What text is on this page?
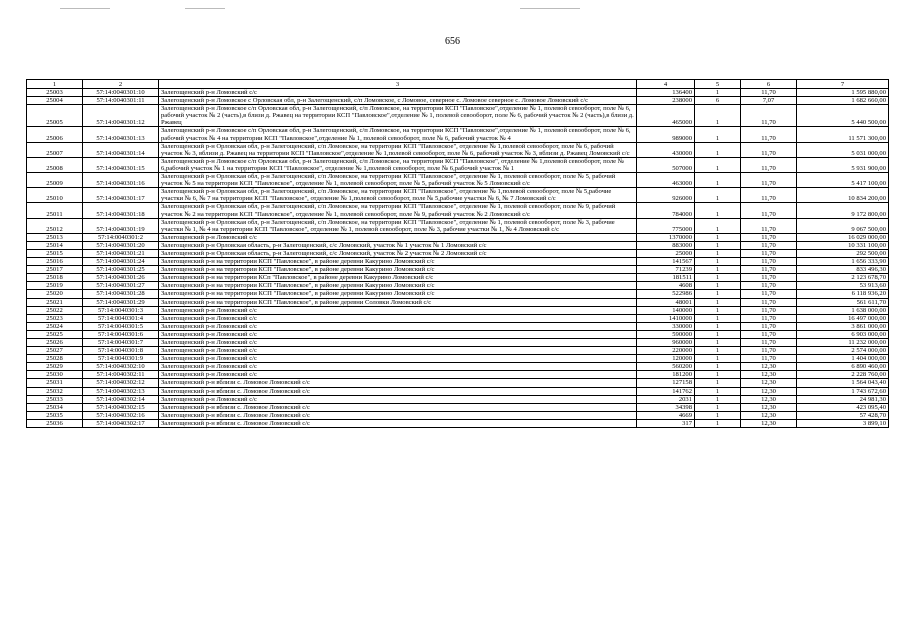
656
1	2	3	4	5	6	7
25003	57:14:0040301:10	Залегощенский р-н Ломовский с/с	136400	1	11,70	1 595 880,00
25004	57:14:0040301:11	Залегощенский р-н Ломовское с Орловская обл, р-н Залегощенский, с/п Ломовское, с Ломовое, северное с. Ломовое северное с. Ломовое Ломовский с/с	238000	6	7,07	1 682 660,00
25005	57:14:0040301:12	Залегощенский р-н Ломовское с/п Орловская обл, р-н Залегощенский, с/п Ломовское, на территории КСП "Павловское",отделение № 1, полевой севооборот, поле № 6, рабочий участок № 2 (часть),в близи д. Ржавец на территории КСП "Павловское",отделение № 1, полевой севооборот, поле № 6, рабочий участок № 2 (часть),в близи д. Ржавец	465000	1	11,70	5 440 500,00
25006	57:14:0040301:13	Залегощенский р-н Ломовское с/п Орловская обл, р-н Залегощенский, с/п Ломовское, на территории КСП "Павловское",отделение № 1, полевой севооборот, поле № 6, рабочий участок № 4 на территории КСП "Павловское",отделение № 1, полевой севооборот, поле № 6, рабочий участок № 4	989000	1	11,70	11 571 300,00
25007	57:14:0040301:14	Залегощенский р-н Орловская обл, р-н Залегощенский, с/п Ломовское, на территории КСП "Павловское", отделение № 1,полевой севооборот, поле № 6, рабочий участок № 3, вблизи д. Ржавец на территории КСП "Павловское",отделение № 1,полевой севооборот, поле № 6, рабочий участок № 3, вблизи д. Ржавец Ломовский с/с	430000	1	11,70	5 031 000,00
25008	57:14:0040301:15	Залегощенский р-н Ломовское с/п Орловская обл, р-н Залегощенский, с/п Ломовское, на территории КСП "Павловское", отделение № 1,полевой севооборот, поле № 6,рабочий участок № 1 на территории КСП "Павловское", отделение № 1,полевой севооборот, поле № 6,рабочий участок № 1	507000	1	11,70	5 931 900,00
25009	57:14:0040301:16	Залегощенский р-н Орловская обл, р-н Залегощенский, с/п Ломовское, на территории КСП "Павловское", отделение № 1, полевой севооборот, поле № 5, рабочий участок № 5 на территории КСП "Павловское", отделение № 1, полевой севооборот, поле № 5, рабочий участок № 5 Ломовский с/с	463000	1	11,70	5 417 100,00
25010	57:14:0040301:17	Залегощенский р-н Орловская обл, р-н Залегощенский, с/п Ломовское, на территории КСП "Павловское", отделение № 1,полевой севооборот, поле № 5,рабочие участки № 6, № 7 на территории КСП "Павловское", отделение № 1,полевой севооборот, поле № 5,рабочие участки № 6, № 7 Ломовский с/с	926000	1	11,70	10 834 200,00
25011	57:14:0040301:18	Залегощенский р-н Орловская обл, р-н Залегощенский, с/п Ломовское, на территории КСП "Павловское", отделение № 1, полевой севооборот, поле № 9, рабочий участок № 2 на территории КСП "Павловское", отделение № 1, полевой севооборот, поле № 9, рабочий участок № 2 Ломовский с/с	784000	1	11,70	9 172 800,00
25012	57:14:0040301:19	Залегощенский р-н Орловская обл, р-н Залегощенский, с/п Ломовское, на территории КСП "Павловское", отделение № 1, полевой севооборот, поле № 3, рабочие участки № 1, № 4 на территории КСП "Павловское", отделение № 1, полевой севооборот, поле № 3, рабочие участки № 1, № 4 Ломовский с/с	775000	1	11,70	9 067 500,00
25013	57:14:0040301:2	Залегощенский р-н Ломовский с/с	1370000	1	11,70	16 029 000,00
25014	57:14:0040301:20	Залегощенский р-н Орловская область, р-н Залегощенский, с/с Ломовский, участок № 1 участок № 1 Ломовский с/с	883000	1	11,70	10 331 100,00
25015	57:14:0040301:21	Залегощенский р-н Орловская область, р-н Залегощенский, с/с Ломовский, участок № 2 участок № 2 Ломовский с/с	25000	1	11,70	292 500,00
25016	57:14:0040301:24	Залегощенский р-н на территории КСП "Павловское", в районе деревни Какурино Ломовский с/с	141567	1	11,70	1 656 333,90
25017	57:14:0040301:25	Залегощенский р-н на территории КСП "Павловское", в районе деревни Какурино Ломовский с/с	71239	1	11,70	833 496,30
25018	57:14:0040301:26	Залегощенский р-н на территории КСп "Павловское", в районе деревни Какурино Ломовский с/с	181511	1	11,70	2 123 678,70
25019	57:14:0040301:27	Залегощенский р-н на территории КСП "Павловское", в районе деревни Какурино Ломовский с/с	4608	1	11,70	53 913,60
25020	57:14:0040301:28	Залегощенский р-н на территории КСП "Павловское", в районе деревни Какурино Ломовский с/с	522986	1	11,70	6 118 936,20
25021	57:14:0040301:29	Залегощенский р-н на территории КСП "Павловское", в районе деревни Соловки Ломовский с/с	48001	1	11,70	561 611,70
25022	57:14:0040301:3	Залегощенский р-н Ломовский с/с	140000	1	11,70	1 638 000,00
25023	57:14:0040301:4	Залегощенский р-н Ломовский с/с	1410000	1	11,70	16 497 000,00
25024	57:14:0040301:5	Залегощенский р-н Ломовский с/с	330000	1	11,70	3 861 000,00
25025	57:14:0040301:6	Залегощенский р-н Ломовский с/с	590000	1	11,70	6 903 000,00
25026	57:14:0040301:7	Залегощенский р-н Ломовский с/с	960000	1	11,70	11 232 000,00
25027	57:14:0040301:8	Залегощенский р-н Ломовский с/с	220000	1	11,70	2 574 000,00
25028	57:14:0040301:9	Залегощенский р-н Ломовский с/с	120000	1	11,70	1 404 000,00
25029	57:14:0040302:10	Залегощенский р-н Ломовский с/с	560200	1	12,30	6 890 460,00
25030	57:14:0040302:11	Залегощенский р-н Ломовский с/с	181200	1	12,30	2 228 760,00
25031	57:14:0040302:12	Залегощенский р-н вблизи с. Ломовое Ломовский с/с	127158	1	12,30	1 564 043,40
25032	57:14:0040302:13	Залегощенский р-н вблизи с. Ломовое Ломовский с/с	141762	1	12,30	1 743 672,60
25033	57:14:0040302:14	Залегощенский р-н Ломовский с/с	2031	1	12,30	24 981,30
25034	57:14:0040302:15	Залегощенский р-н вблизи с. Ломовое Ломовский с/с	34398	1	12,30	423 095,40
25035	57:14:0040302:16	Залегощенский р-н вблизи с. Ломовое Ломовский с/с	4669	1	12,30	57 428,70
25036	57:14:0040302:17	Залегощенский р-н вблизи с. Ломовое Ломовский с/с	317	1	12,30	3 899,10
